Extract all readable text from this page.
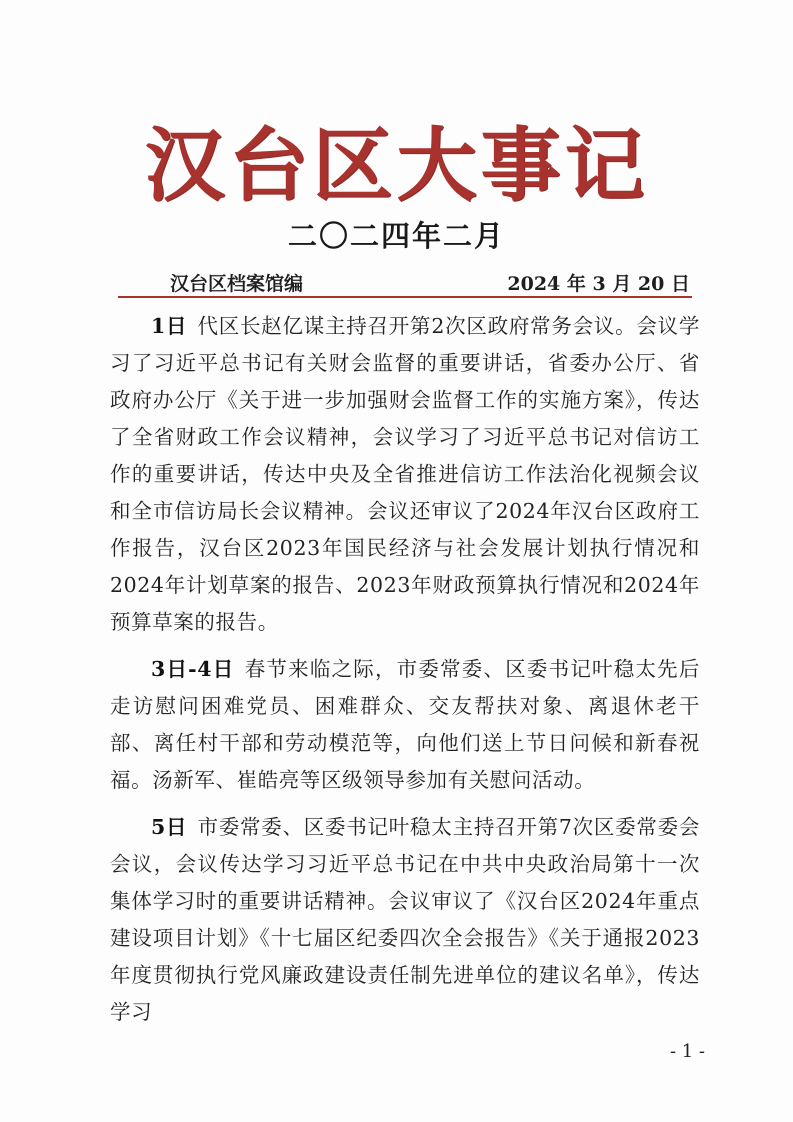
汉台区大事记
二〇二四年二月
汉台区档案馆编	2024 年 3 月 20 日

1日 代区长赵亿谋主持召开第2次区政府常务会议。会议学习了习近平总书记有关财会监督的重要讲话，省委办公厅、省政府办公厅《关于进一步加强财会监督工作的实施方案》，传达了全省财政工作会议精神，会议学习了习近平总书记对信访工作的重要讲话，传达中央及全省推进信访工作法治化视频会议和全市信访局长会议精神。会议还审议了2024年汉台区政府工作报告，汉台区2023年国民经济与社会发展计划执行情况和2024年计划草案的报告、2023年财政预算执行情况和2024年预算草案的报告。

3日-4日 春节来临之际，市委常委、区委书记叶稳太先后走访慰问困难党员、困难群众、交友帮扶对象、离退休老干部、离任村干部和劳动模范等，向他们送上节日问候和新春祝福。汤新军、崔皓亮等区级领导参加有关慰问活动。

5日 市委常委、区委书记叶稳太主持召开第7次区委常委会会议，会议传达学习习近平总书记在中共中央政治局第十一次集体学习时的重要讲话精神。会议审议了《汉台区2024年重点建设项目计划》《十七届区纪委四次全会报告》《关于通报2023年度贯彻执行党风廉政建设责任制先进单位的建议名单》，传达学习

- 1 -
